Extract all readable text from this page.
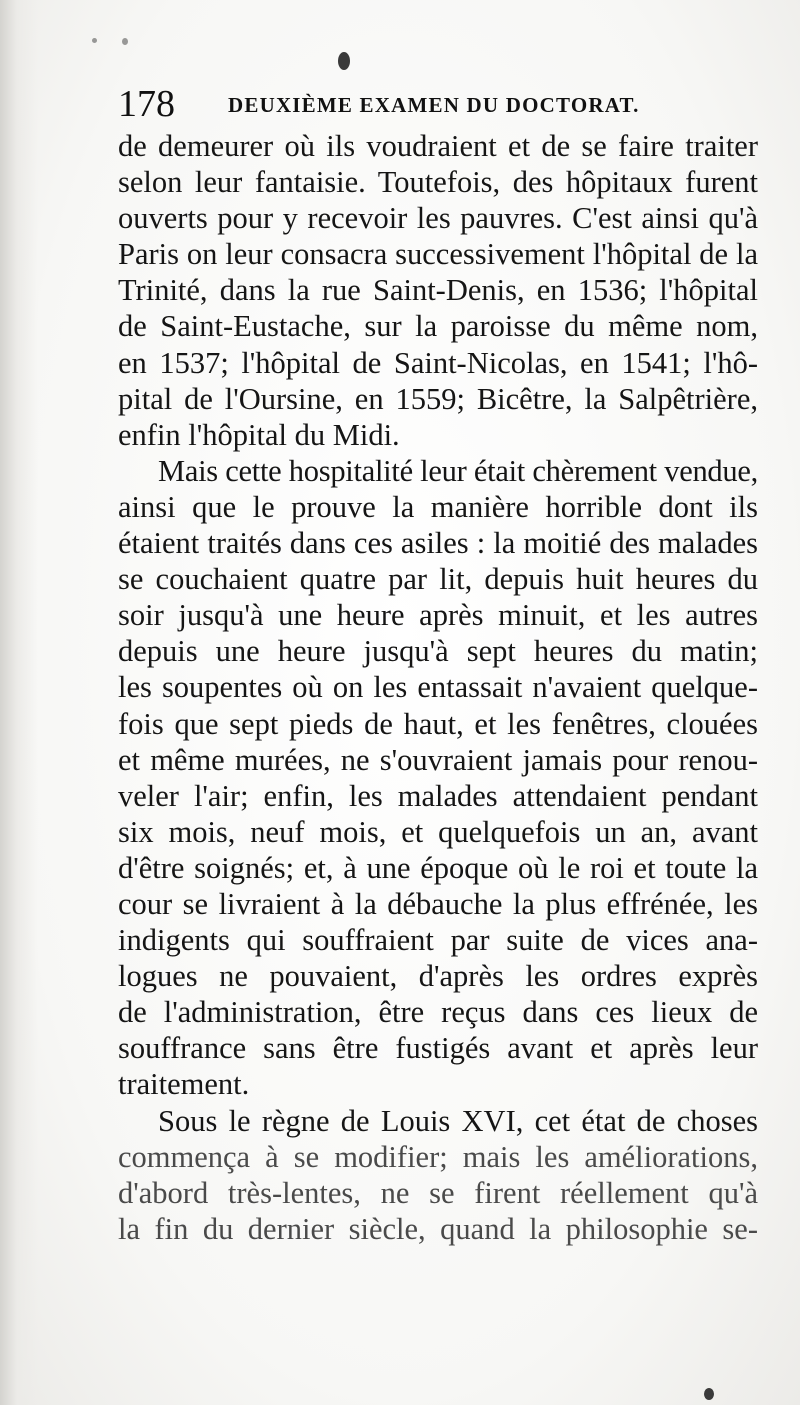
178	DEUXIÈME EXAMEN DU DOCTORAT.

de demeurer où ils voudraient et de se faire traiter
selon leur fantaisie. Toutefois, des hôpitaux furent
ouverts pour y recevoir les pauvres. C'est ainsi qu'à
Paris on leur consacra successivement l'hôpital de la
Trinité, dans la rue Saint-Denis, en 1536; l'hôpital
de Saint-Eustache, sur la paroisse du même nom,
en 1537; l'hôpital de Saint-Nicolas, en 1541; l'hô-
pital de l'Oursine, en 1559; Bicêtre, la Salpêtrière,
enfin l'hôpital du Midi.

Mais cette hospitalité leur était chèrement vendue,
ainsi que le prouve la manière horrible dont ils
étaient traités dans ces asiles : la moitié des malades
se couchaient quatre par lit, depuis huit heures du
soir jusqu'à une heure après minuit, et les autres
depuis une heure jusqu'à sept heures du matin;
les soupentes où on les entassait n'avaient quelque-
fois que sept pieds de haut, et les fenêtres, clouées
et même murées, ne s'ouvraient jamais pour renou-
veler l'air; enfin, les malades attendaient pendant
six mois, neuf mois, et quelquefois un an, avant
d'être soignés; et, à une époque où le roi et toute la
cour se livraient à la débauche la plus effrénée, les
indigents qui souffraient par suite de vices ana-
logues ne pouvaient, d'après les ordres exprès
de l'administration, être reçus dans ces lieux de
souffrance sans être fustigés avant et après leur
traitement.

Sous le règne de Louis XVI, cet état de choses
commença à se modifier; mais les améliorations,
d'abord très-lentes, ne se firent réellement qu'à
la fin du dernier siècle, quand la philosophie se-
